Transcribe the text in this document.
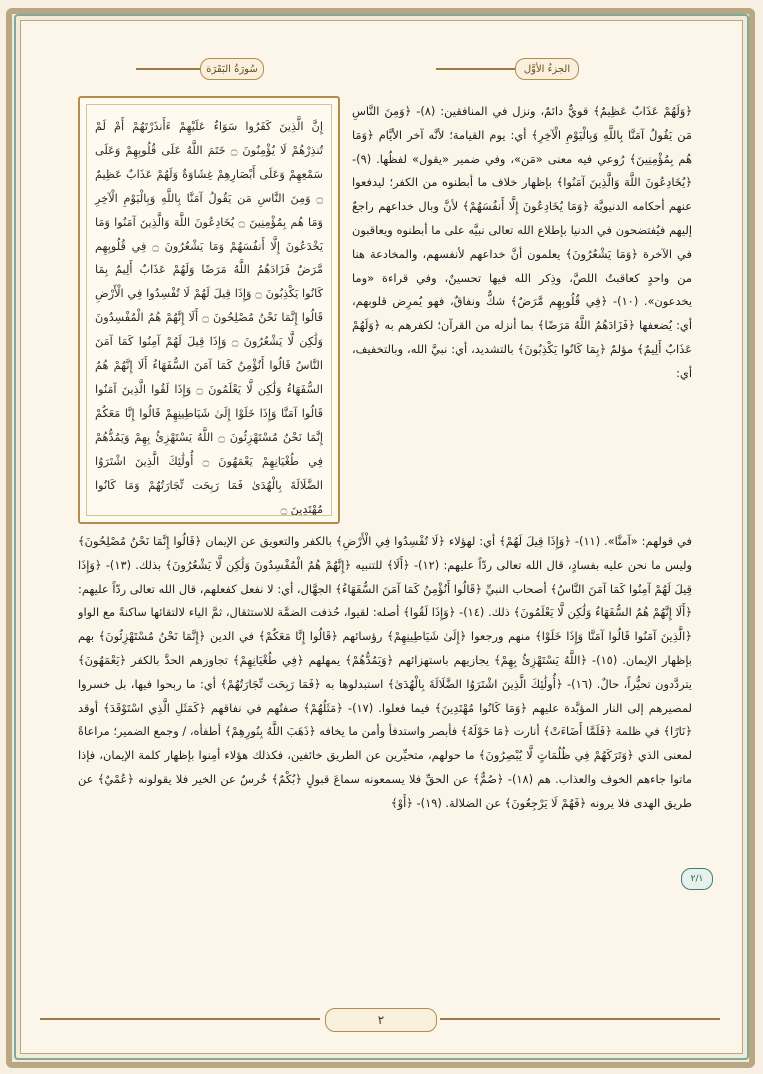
سُورَةُ البَقَرَة	الجزءُ الأوَّل
إِنَّ الَّذِينَ كَفَرُوا سَوَاءٌ عَلَيْهِمْ ءَأَنذَرْتَهُمْ أَمْ لَمْ تُنذِرْهُمْ لَا يُؤْمِنُونَ ۝ خَتَمَ اللَّهُ عَلَى قُلُوبِهِمْ وَعَلَى سَمْعِهِمْ وَعَلَى أَبْصَارِهِمْ غِشَاوَةٌ وَلَهُمْ عَذَابٌ عَظِيمٌ ۝ وَمِنَ النَّاسِ مَن يَقُولُ آمَنَّا بِاللَّهِ وَبِالْيَوْمِ الْآخِرِ وَمَا هُم بِمُؤْمِنِينَ ۝ يُخَادِعُونَ اللَّهَ وَالَّذِينَ آمَنُوا وَمَا يَخْدَعُونَ إِلَّا أَنفُسَهُمْ وَمَا يَشْعُرُونَ ۝ فِي قُلُوبِهِم مَّرَضٌ فَزَادَهُمُ اللَّهُ مَرَضًا وَلَهُمْ عَذَابٌ أَلِيمٌ بِمَا كَانُوا يَكْذِبُونَ ۝ وَإِذَا قِيلَ لَهُمْ لَا تُفْسِدُوا فِي الْأَرْضِ قَالُوا إِنَّمَا نَحْنُ مُصْلِحُونَ ۝ أَلَا إِنَّهُمْ هُمُ الْمُفْسِدُونَ وَلَٰكِن لَّا يَشْعُرُونَ ۝ وَإِذَا قِيلَ لَهُمْ آمِنُوا كَمَا آمَنَ النَّاسُ قَالُوا أَنُؤْمِنُ كَمَا آمَنَ السُّفَهَاءُ أَلَا إِنَّهُمْ هُمُ السُّفَهَاءُ وَلَٰكِن لَّا يَعْلَمُونَ ۝ وَإِذَا لَقُوا الَّذِينَ آمَنُوا قَالُوا آمَنَّا وَإِذَا خَلَوْا إِلَىٰ شَيَاطِينِهِمْ قَالُوا إِنَّا مَعَكُمْ إِنَّمَا نَحْنُ مُسْتَهْزِئُونَ ۝ اللَّهُ يَسْتَهْزِئُ بِهِمْ وَيَمُدُّهُمْ فِي طُغْيَانِهِمْ يَعْمَهُونَ ۝ أُولَٰئِكَ الَّذِينَ اشْتَرَوُا الضَّلَالَةَ بِالْهُدَىٰ فَمَا رَبِحَت تِّجَارَتُهُمْ وَمَا كَانُوا مُهْتَدِينَ ۝
﴿وَلَهُمْ عَذَابٌ عَظِيمٌ﴾ قويٌّ دائمٌ، ونزل في المنافقين: (٨)- ﴿وَمِنَ النَّاسِ مَن يَقُولُ آمَنَّا بِاللَّهِ وَبِالْيَوْمِ الْآخِرِ﴾ أي: يوم القيامة؛ لأنَّه آخر الأيَّام ﴿وَمَا هُم بِمُؤْمِنِينَ﴾ رُوعي فيه معنى «مَن»، وفي ضمير «يقول» لفظُها. (٩)- ﴿يُخَادِعُونَ اللَّهَ وَالَّذِينَ آمَنُوا﴾ بإظهار خلاف ما أبطنوه من الكفر؛ ليدفعوا عنهم أحكامه الدنيويَّة ﴿وَمَا يُخَادِعُونَ إِلَّا أَنفُسَهُمْ﴾ لأنَّ وبال خداعهم راجعٌ إليهم فيُفتضحون في الدنيا بإطلاع الله تعالى نبيَّه على ما أبطنوه ويعاقبون في الآخرة ﴿وَمَا يَشْعُرُونَ﴾ يعلمون أنَّ خداعهم لأنفسهم، والمخادعة هنا من واحدٍ كعاقبتُ اللصَّ، وذِكر الله فيها تحسينٌ، وفي قراءة «وما يخدعون». (١٠)- ﴿فِي قُلُوبِهِم مَّرَضٌ﴾ شكٌّ ونفاقٌ، فهو يُمرِض قلوبهم، أي: يُضعفها ﴿فَزَادَهُمُ اللَّهُ مَرَضًا﴾ بما أنزله من القرآن؛ لكفرهم به ﴿وَلَهُمْ عَذَابٌ أَلِيمٌ﴾ مؤلمٌ ﴿بِمَا كَانُوا يَكْذِبُونَ﴾ بالتشديد، أي: نبيَّ الله، وبالتخفيف، أي:
في قولهم: «آمنَّا». (١١)- ﴿وَإِذَا قِيلَ لَهُمْ﴾ أي: لهؤلاء ﴿لَا تُفْسِدُوا فِي الْأَرْضِ﴾ بالكفر والتعويق عن الإيمان ﴿قَالُوا إِنَّمَا نَحْنُ مُصْلِحُونَ﴾ وليس ما نحن عليه بفسادٍ، قال الله تعالى ردّاً عليهم: (١٢)- ﴿أَلَا﴾ للتنبيه ﴿إِنَّهُمْ هُمُ الْمُفْسِدُونَ وَلَٰكِن لَّا يَشْعُرُونَ﴾ بذلك. (١٣)- ﴿وَإِذَا قِيلَ لَهُمْ آمِنُوا كَمَا آمَنَ النَّاسُ﴾ أصحاب النبيِّ ﴿قَالُوا أَنُؤْمِنُ كَمَا آمَنَ السُّفَهَاءُ﴾ الجهَّال، أي: لا نفعل كفعلهم، قال الله تعالى ردّاً عليهم: ﴿أَلَا إِنَّهُمْ هُمُ السُّفَهَاءُ وَلَٰكِن لَّا يَعْلَمُونَ﴾ ذلك. (١٤)- ﴿وَإِذَا لَقُوا﴾ أصله: لقيوا، حُذفت الضمَّة للاستثقال، ثمَّ الياء لالتقائها ساكنةً مع الواو ﴿الَّذِينَ آمَنُوا قَالُوا آمَنَّا وَإِذَا خَلَوْا﴾ منهم ورجعوا ﴿إِلَىٰ شَيَاطِينِهِمْ﴾ رؤسائهم ﴿قَالُوا إِنَّا مَعَكُمْ﴾ في الدين ﴿إِنَّمَا نَحْنُ مُسْتَهْزِئُونَ﴾ بهم بإظهار الإيمان. (١٥)- ﴿اللَّهُ يَسْتَهْزِئُ بِهِمْ﴾ يجازيهم باستهزائهم ﴿وَيَمُدُّهُمْ﴾ يمهلهم ﴿فِي طُغْيَانِهِمْ﴾ تجاوزهم الحدَّ بالكفر ﴿يَعْمَهُونَ﴾ يتردَّدون تحيُّراً، حالٌ. (١٦)- ﴿أُولَٰئِكَ الَّذِينَ اشْتَرَوُا الضَّلَالَةَ بِالْهُدَىٰ﴾ استبدلوها به ﴿فَمَا رَبِحَت تِّجَارَتُهُمْ﴾ أي: ما ربحوا فيها، بل خسروا لمصيرهم إلى النار المؤبَّدة عليهم ﴿وَمَا كَانُوا مُهْتَدِينَ﴾ فيما فعلوا. (١٧)- ﴿مَثَلُهُمْ﴾ صفتُهم في نفاقهم ﴿كَمَثَلِ الَّذِي اسْتَوْقَدَ﴾ أوقد ﴿نَارًا﴾ في ظلمة ﴿فَلَمَّا أَضَاءَتْ﴾ أنارت ﴿مَا حَوْلَهُ﴾ فأبصر واستدفأ وأمن ما يخافه ﴿ذَهَبَ اللَّهُ بِنُورِهِمْ﴾ أطفأه، / وجمع الضمير؛ مراعاةً لمعنى الذي ﴿وَتَرَكَهُمْ فِي ظُلُمَاتٍ لَّا يُبْصِرُونَ﴾ ما حولهم، متحيِّرين عن الطريق خائفين، فكذلك هؤلاء أمِنوا بإظهار كلمة الإيمان، فإذا ماتوا جاءهم الخوف والعذاب. هم (١٨)- ﴿صُمٌّ﴾ عن الحقِّ فلا يسمعونه سماعَ قبولٍ ﴿بُكْمٌ﴾ خُرسٌ عن الخير فلا يقولونه ﴿عُمْيٌ﴾ عن طريق الهدى فلا يرونه ﴿فَهُمْ لَا يَرْجِعُونَ﴾ عن الضلالة. (١٩)- ﴿أَوْ﴾
٢/١
٢
